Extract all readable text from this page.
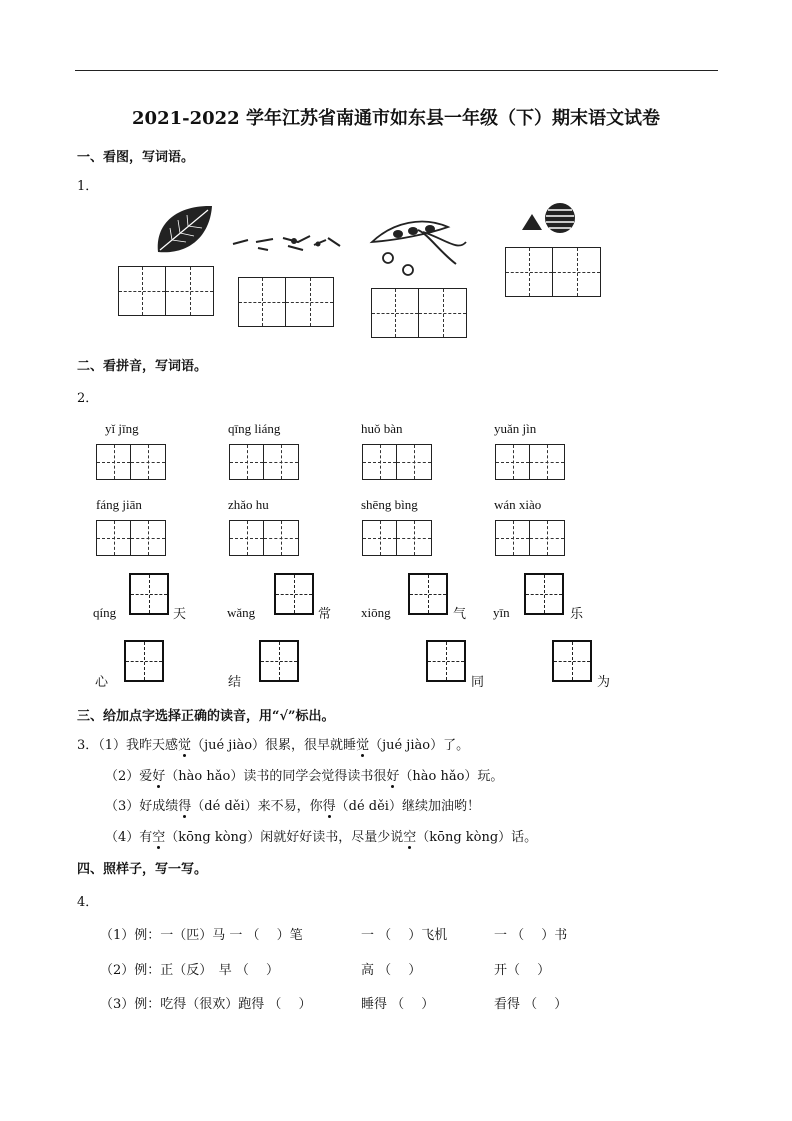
2021-2022 学年江苏省南通市如东县一年级（下）期末语文试卷
一、看图，写词语。
1．
二、看拼音，写词语。
2．
yǐ jīng	qīng liáng	huǒ bàn	yuǎn jìn
fáng jiān	zhǎo hu	shēng bìng	wán xiào
qíng	天	wǎng	常 xiōng	气 yīn	乐
心	结	同	为
三、给加点字选择正确的读音，用“√”标出。
3．（1）我昨天感觉（jué jiào）很累，很早就睡觉（jué jiào）了。
（2）爱好（hào hǎo）读书的同学会觉得读书很好（hào hǎo）玩。
（3）好成绩得（dé děi）来不易，你得（dé děi）继续加油哟！
（4）有空（kōng kòng）闲就好好读书，尽量少说空（kōng kòng）话。
四、照样子，写一写。
4．
（1）例：一（匹）马 一 （　 ）笔	一 （　 ）飞机	一 （　 ）书
（2）例：正（反）　早 （　 ）	高 （　 ）	开（　 ）
（3）例：吃得（很欢）跑得 （　 ）	睡得 （　 ）	看得 （　 ）
